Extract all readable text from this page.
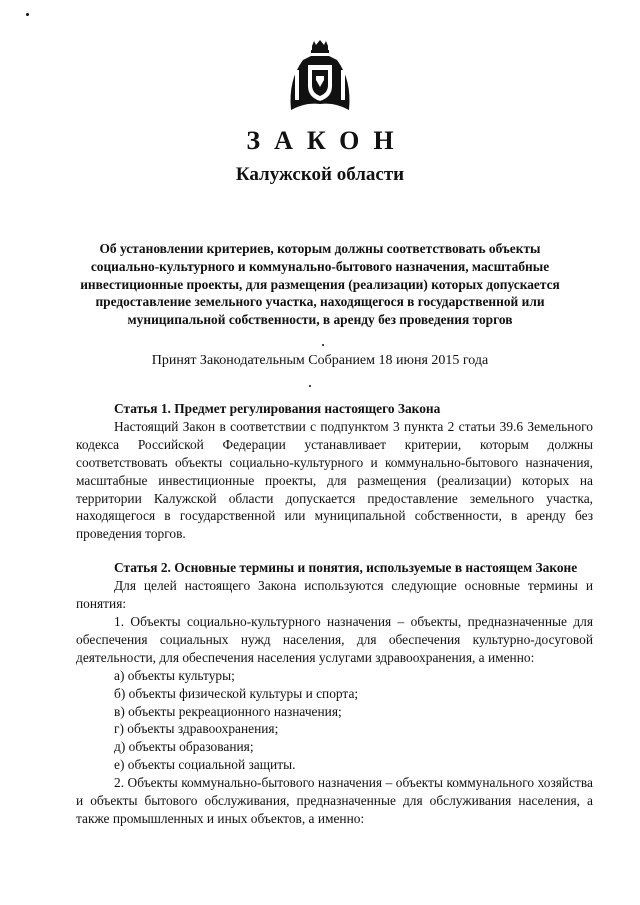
ЗАКОН
Калужской области
Об установлении критериев, которым должны соответствовать объекты социально-культурного и коммунально-бытового назначения, масштабные инвестиционные проекты, для размещения (реализации) которых допускается предоставление земельного участка, находящегося в государственной или муниципальной собственности, в аренду без проведения торгов
Принят Законодательным Собранием 18 июня 2015 года

Статья 1. Предмет регулирования настоящего Закона

Настоящий Закон в соответствии с подпунктом 3 пункта 2 статьи 39.6 Земельного кодекса Российской Федерации устанавливает критерии, которым должны соответствовать объекты социально-культурного и коммунально-бытового назначения, масштабные инвестиционные проекты, для размещения (реализации) которых на территории Калужской области допускается предоставление земельного участка, находящегося в государственной или муниципальной собственности, в аренду без проведения торгов.

Статья 2. Основные термины и понятия, используемые в настоящем Законе

Для целей настоящего Закона используются следующие основные термины и понятия:

1. Объекты социально-культурного назначения – объекты, предназначенные для обеспечения социальных нужд населения, для обеспечения культурно-досуговой деятельности, для обеспечения населения услугами здравоохранения, а именно:

а) объекты культуры;

б) объекты физической культуры и спорта;

в) объекты рекреационного назначения;

г) объекты здравоохранения;

д) объекты образования;

е) объекты социальной защиты.

2. Объекты коммунально-бытового назначения – объекты коммунального хозяйства и объекты бытового обслуживания, предназначенные для обслуживания населения, а также промышленных и иных объектов, а именно:
